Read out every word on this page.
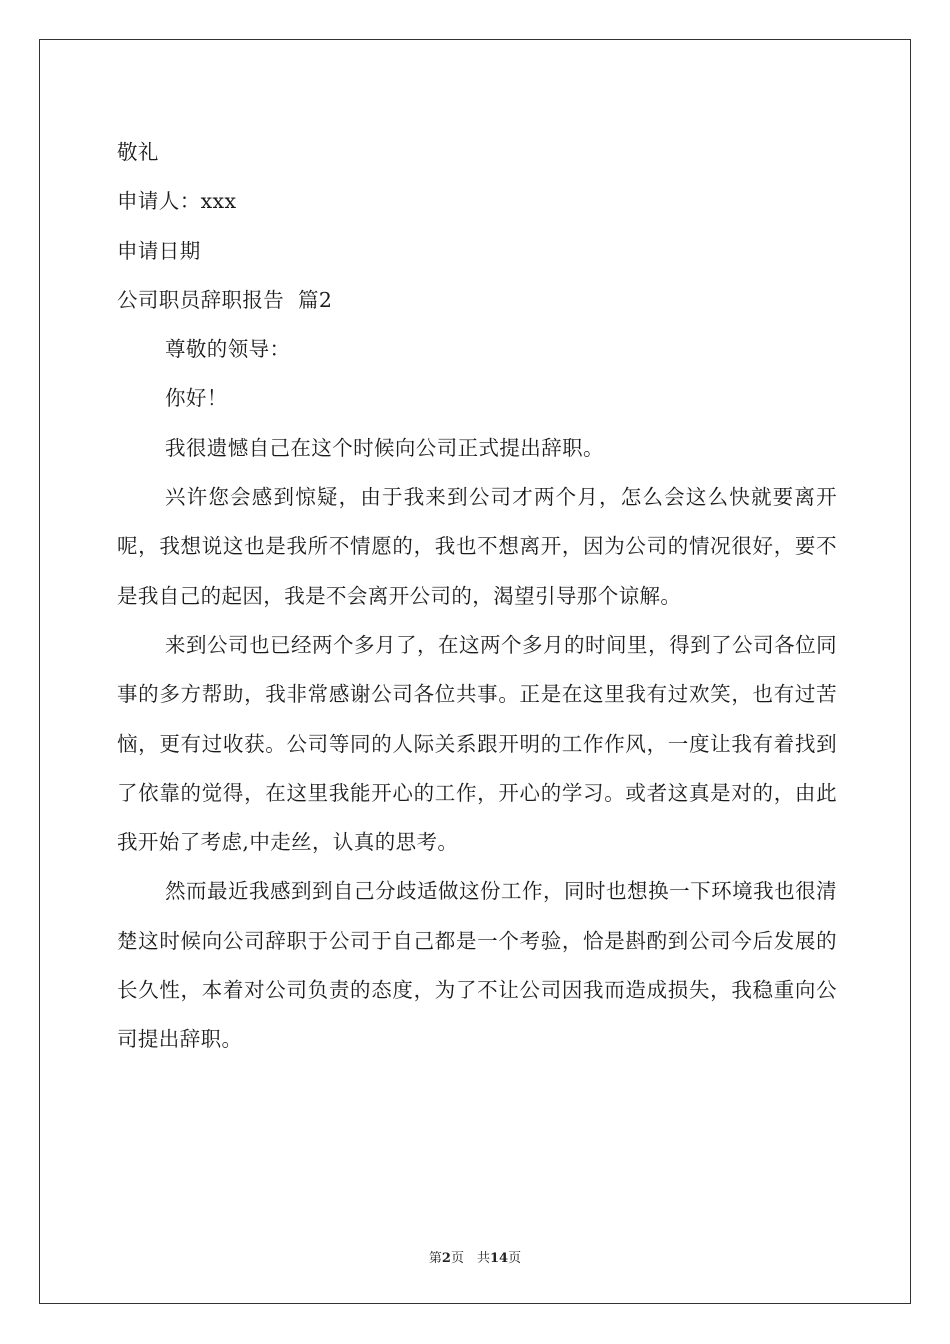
敬礼
申请人：xxx
申请日期
公司职员辞职报告  篇2
尊敬的领导：
你好！

我很遗憾自己在这个时候向公司正式提出辞职。

兴许您会感到惊疑，由于我来到公司才两个月，怎么会这么快就要离开呢，我想说这也是我所不情愿的，我也不想离开，因为公司的情况很好，要不是我自己的起因，我是不会离开公司的，渴望引导那个谅解。

来到公司也已经两个多月了，在这两个多月的时间里，得到了公司各位同事的多方帮助，我非常感谢公司各位共事。正是在这里我有过欢笑，也有过苦恼，更有过收获。公司等同的人际关系跟开明的工作作风，一度让我有着找到了依靠的觉得，在这里我能开心的工作，开心的学习。或者这真是对的，由此我开始了考虑,中走丝，认真的思考。

然而最近我感到到自己分歧适做这份工作，同时也想换一下环境我也很清楚这时候向公司辞职于公司于自己都是一个考验，恰是斟酌到公司今后发展的长久性，本着对公司负责的态度，为了不让公司因我而造成损失，我稳重向公司提出辞职。

第2页　共14页
